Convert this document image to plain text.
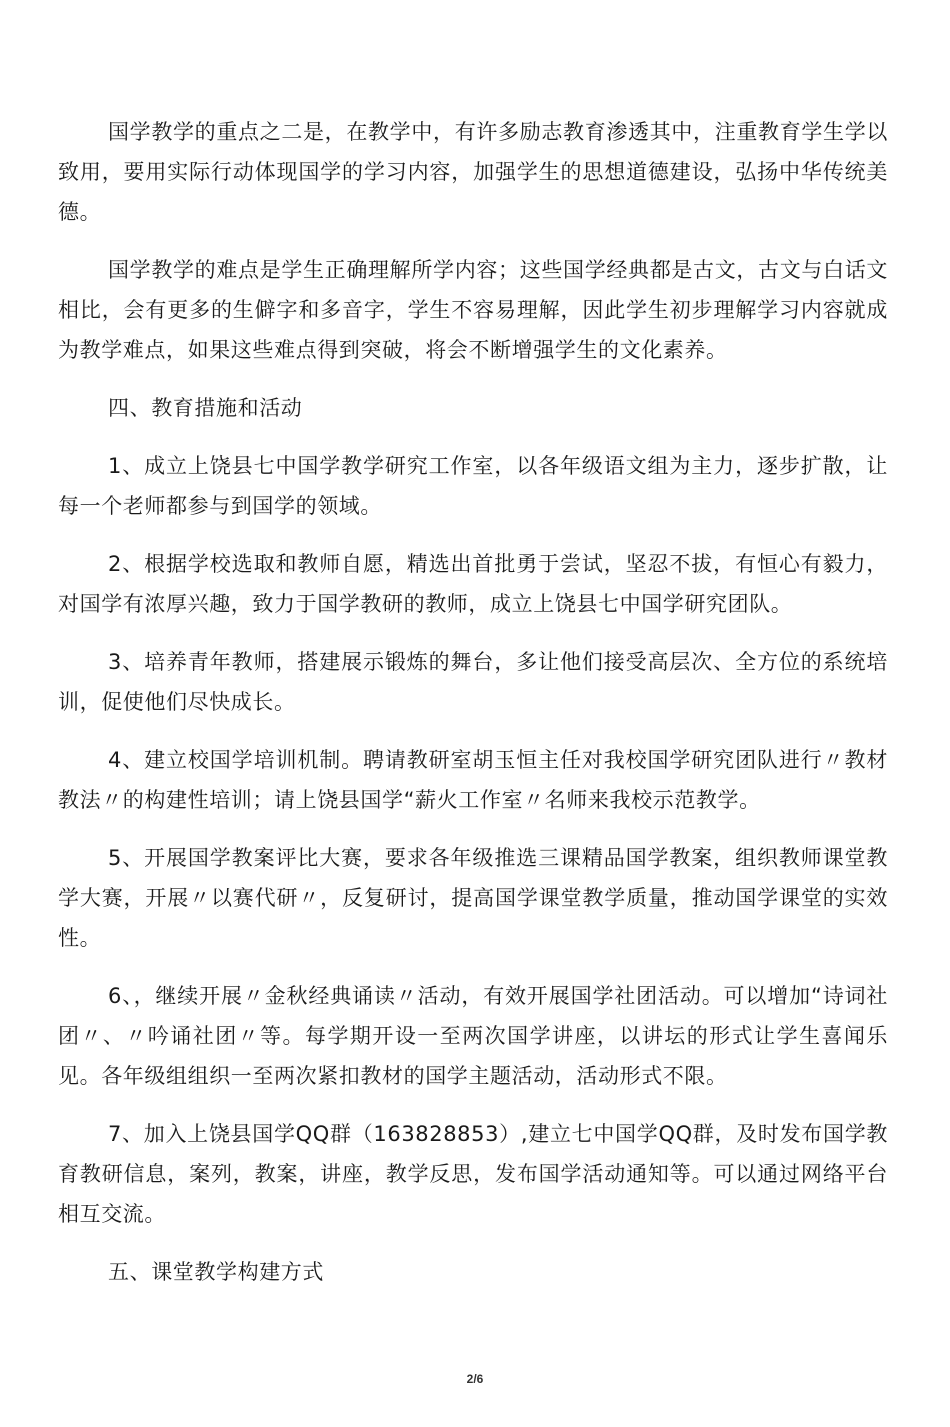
国学教学的重点之二是，在教学中，有许多励志教育渗透其中，注重教育学生学以致用，要用实际行动体现国学的学习内容，加强学生的思想道德建设，弘扬中华传统美德。

国学教学的难点是学生正确理解所学内容；这些国学经典都是古文，古文与白话文相比，会有更多的生僻字和多音字，学生不容易理解，因此学生初步理解学习内容就成为教学难点，如果这些难点得到突破，将会不断增强学生的文化素养。

四、教育措施和活动

1、成立上饶县七中国学教学研究工作室，以各年级语文组为主力，逐步扩散，让每一个老师都参与到国学的领域。

2、根据学校选取和教师自愿，精选出首批勇于尝试，坚忍不拔，有恒心有毅力，对国学有浓厚兴趣，致力于国学教研的教师，成立上饶县七中国学研究团队。

3、培养青年教师，搭建展示锻炼的舞台，多让他们接受高层次、全方位的系统培训，促使他们尽快成长。

4、建立校国学培训机制。聘请教研室胡玉恒主任对我校国学研究团队进行〃教材教法〃的构建性培训；请上饶县国学“薪火工作室〃名师来我校示范教学。

5、开展国学教案评比大赛，要求各年级推选三课精品国学教案，组织教师课堂教学大赛，开展〃以赛代研〃，反复研讨，提高国学课堂教学质量，推动国学课堂的实效性。

6、，继续开展〃金秋经典诵读〃活动，有效开展国学社团活动。可以增加“诗词社团〃、〃吟诵社团〃等。每学期开设一至两次国学讲座，以讲坛的形式让学生喜闻乐见。各年级组组织一至两次紧扣教材的国学主题活动，活动形式不限。

7、加入上饶县国学QQ群（163828853）,建立七中国学QQ群，及时发布国学教育教研信息，案列，教案，讲座，教学反思，发布国学活动通知等。可以通过网络平台相互交流。

五、课堂教学构建方式

2/6
